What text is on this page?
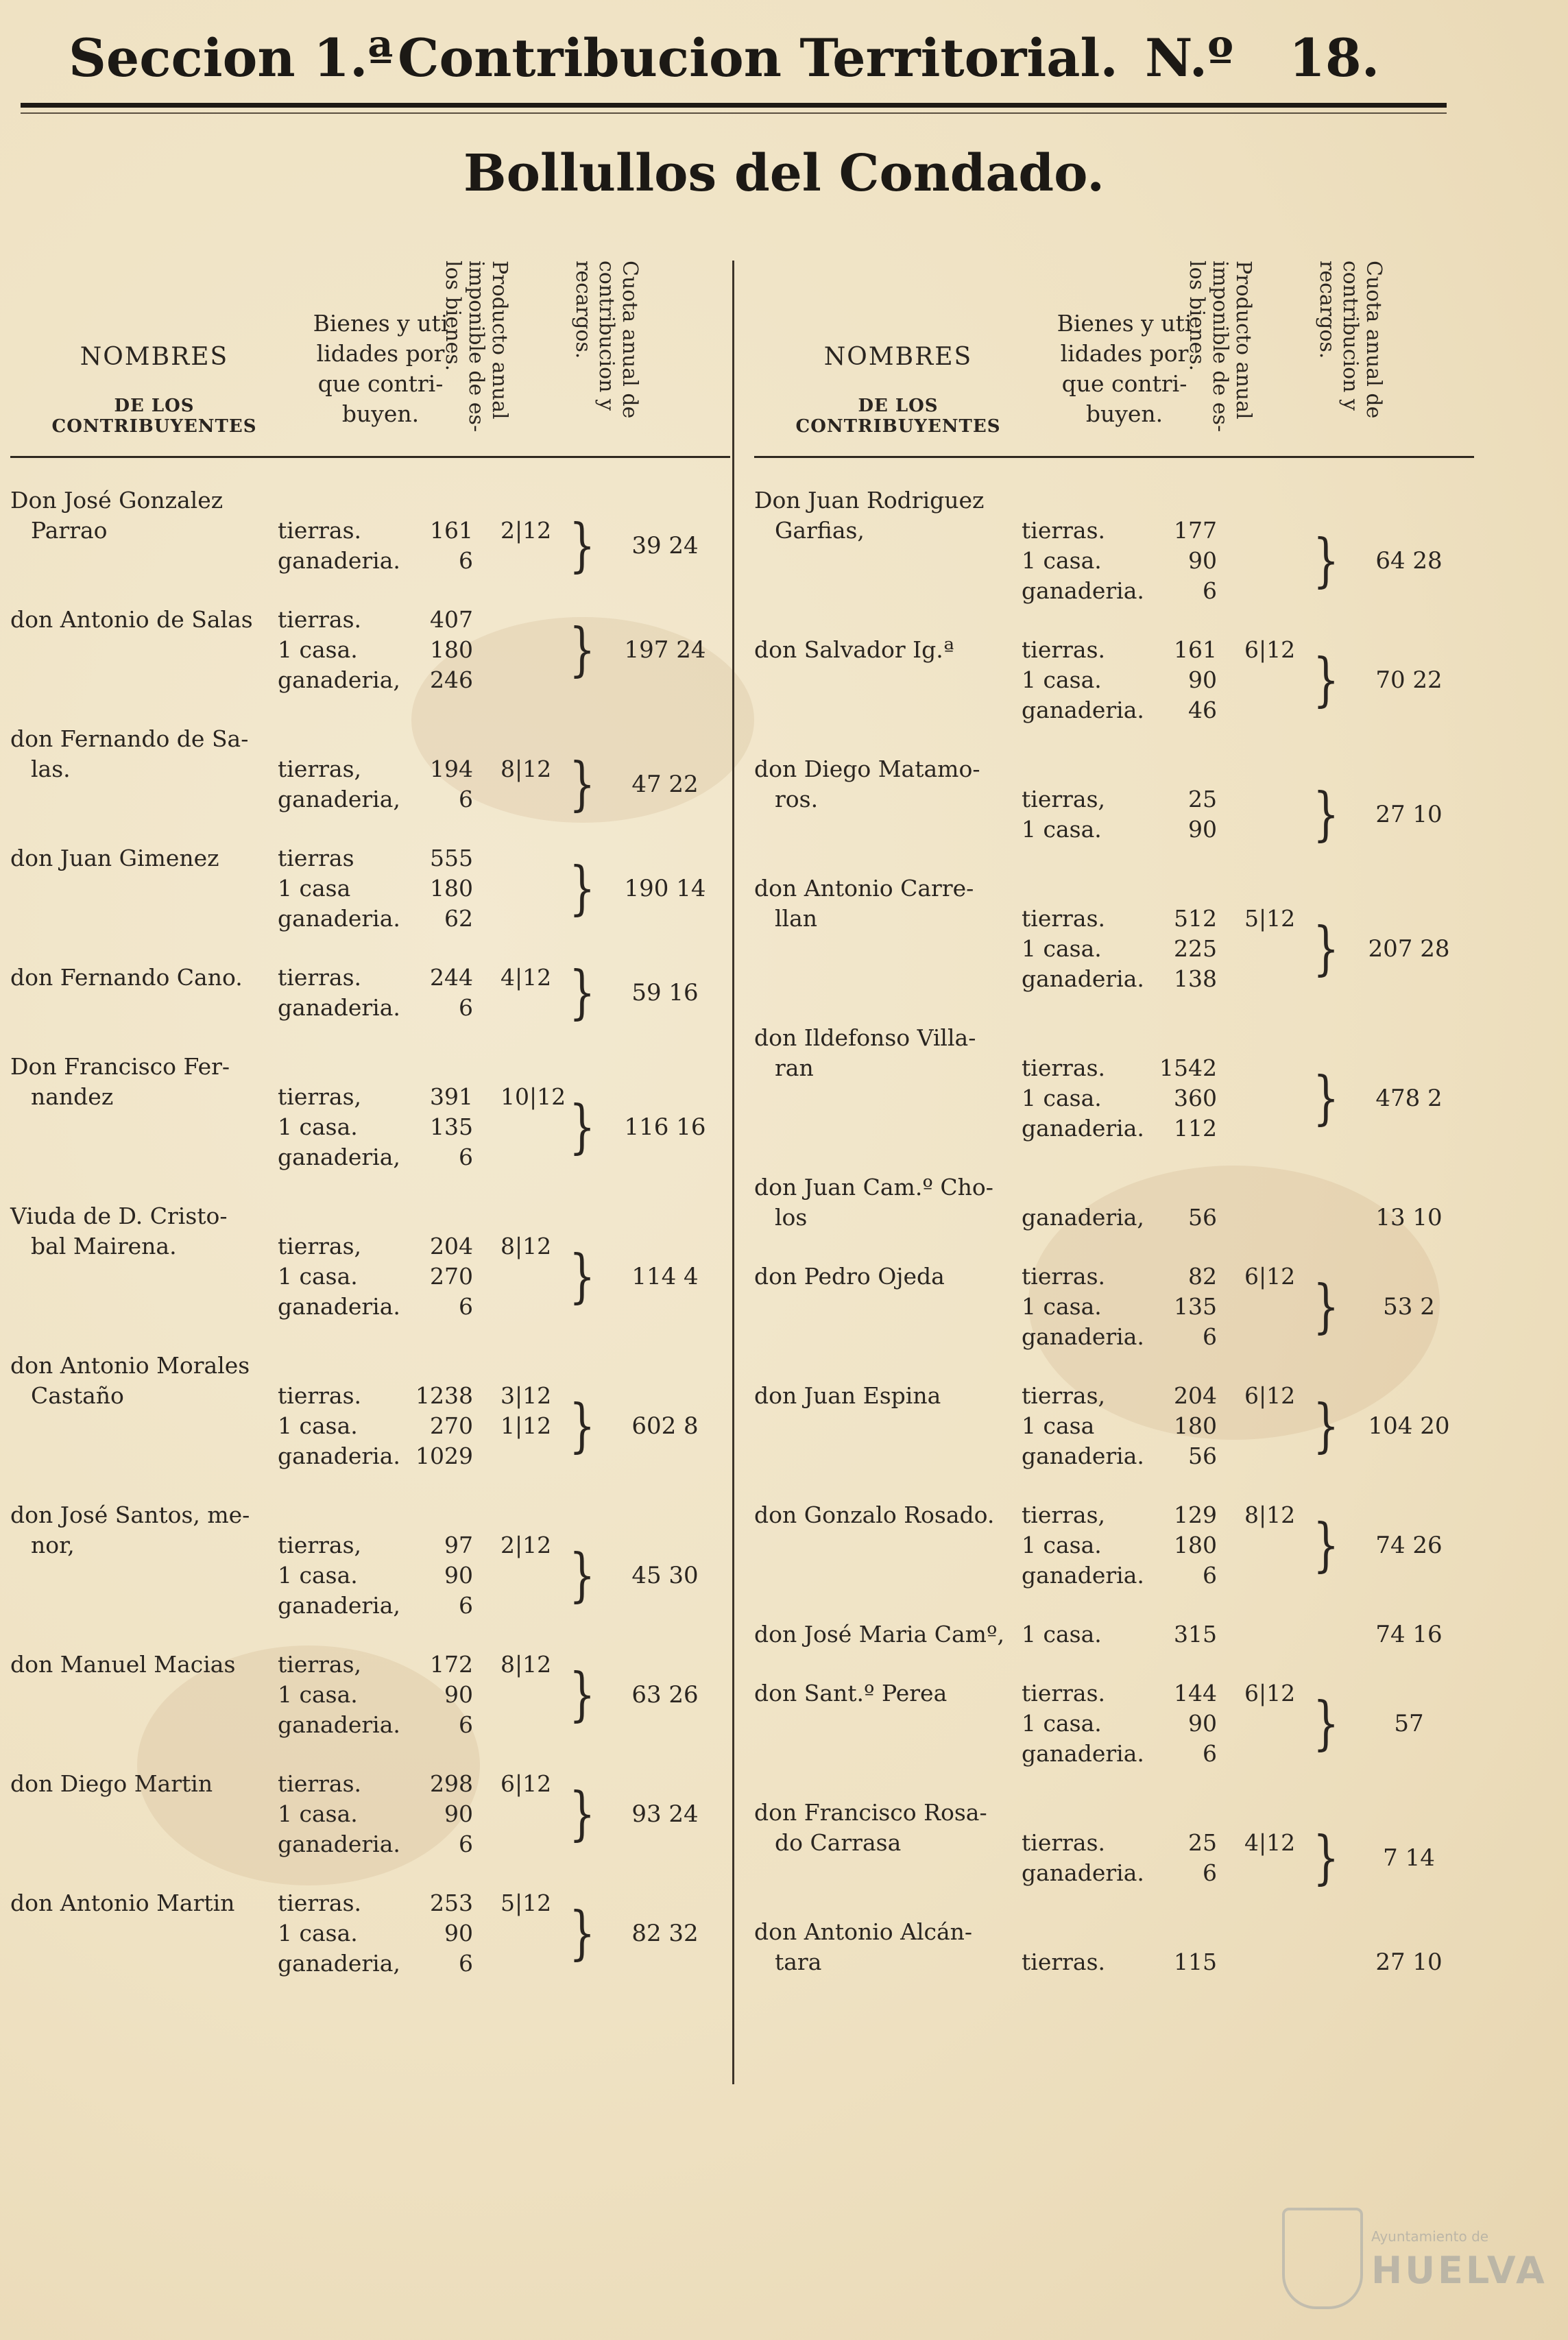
Seccion 1.ª Contribucion Territorial. N.º 18.
Bollullos del Condado.
NOMBRES
DE LOS CONTRIBUYENTES
Bienes y uti
lidades por
que contri-
buyen.	Producto anual imponible de es- los bienes.	Cuota anual de contribucion y recargos.
Don José Gonzalez
Parrao	tierras.	161 2|12
ganaderia.	6 }	39 24
don Antonio de Salas	tierras.	407
1 casa.	180
ganaderia,	246 }	197 24
don Fernando de Sa-
las.	tierras,	194 8|12
ganaderia,	6 }	47 22
don Juan Gimenez	tierras	555
1 casa	180
ganaderia.	62 }	190 14
don Fernando Cano.	tierras.	244 4|12
ganaderia.	6 }	59 16
Don Francisco Fer-
nandez	tierras,	391 10|12
1 casa.	135
ganaderia,	6 }	116 16
Viuda de D. Cristo-
bal Mairena.	tierras,	204 8|12
1 casa.	270
ganaderia.	6 }	114 4
don Antonio Morales
Castaño	tierras.	1238 3|12
1 casa.	270 1|12
ganaderia. 1029 }	602 8
don José Santos, me-
nor,	tierras,	97 2|12
1 casa.	90
ganaderia,	6 }	45 30
don Manuel Macias	tierras,	172 8|12
1 casa.	90
ganaderia.	6 }	63 26
don Diego Martin	tierras.	298 6|12
1 casa.	90
ganaderia.	6 }	93 24
don Antonio Martin	tierras.	253 5|12
1 casa.	90
ganaderia,	6 }	82 32
NOMBRES
DE LOS CONTRIBUYENTES
Bienes y uti
lidades por
que contri-
buyen.	Producto anual imponible de es- los bienes.	Cuota anual de contribucion y recargos.
Don Juan Rodriguez
Garfias,	tierras.	177
1 casa.	90
ganaderia.	6 }	64 28
don Salvador Ig.ª	tierras.	161 6|12
1 casa.	90
ganaderia.	46 }	70 22
don Diego Matamo-
ros.	tierras,	25
1 casa.	90 }	27 10
don Antonio Carre-
llan	tierras.	512 5|12
1 casa.	225
ganaderia.	138 }	207 28
don Ildefonso Villa-
ran	tierras.	1542
1 casa.	360
ganaderia.	112 }	478 2
don Juan Cam.º Cho-
los	ganaderia,	56	13 10
don Pedro Ojeda	tierras.	82 6|12
1 casa.	135
ganaderia.	6 }	53 2
don Juan Espina	tierras,	204 6|12
1 casa	180
ganaderia.	56 }	104 20
don Gonzalo Rosado.	tierras,	129 8|12
1 casa.	180
ganaderia.	6 }	74 26
don José Maria Camº, 1 casa.	315	74 16
don Sant.º Perea	tierras.	144 6|12
1 casa.	90
ganaderia.	6 }	57
don Francisco Rosa-
do Carrasa	tierras.	25 4|12
ganaderia.	6 }	7 14
don Antonio Alcán-
tara	tierras.	115	27 10
Ayuntamiento de
HUELVA
